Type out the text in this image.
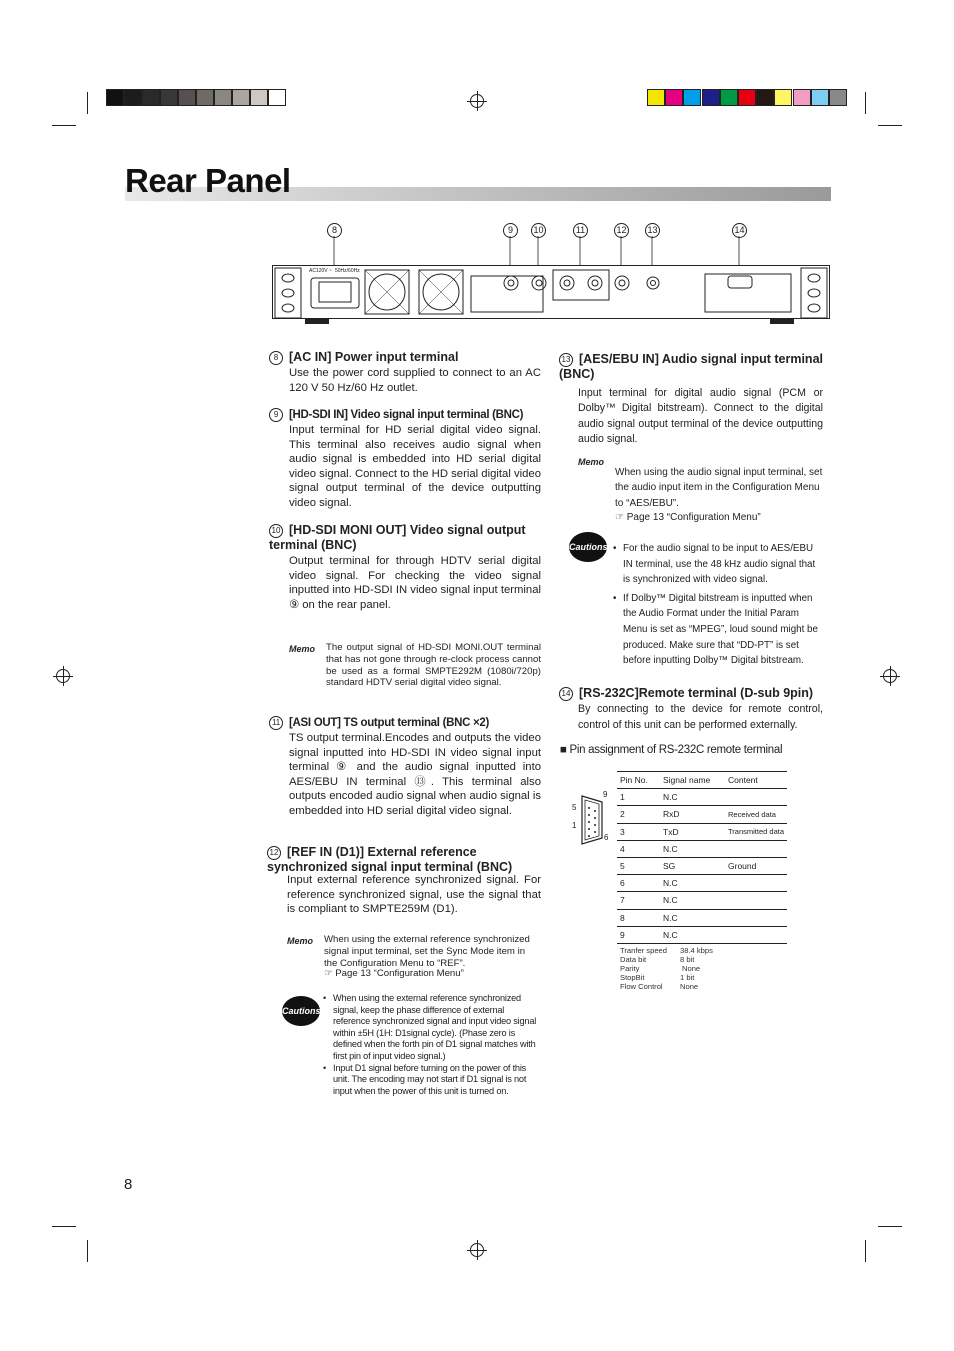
Rear Panel
8	9	10	11	12 13	14
AC120V ~ 50Hz/60Hz
8 [AC IN] Power input terminal
Use the power cord supplied to connect to an AC 120 V 50 Hz/60 Hz outlet.
9 [HD-SDI IN] Video signal input terminal (BNC)
Input terminal for HD serial digital video signal. This terminal also receives audio signal when audio signal is embedded into HD serial digital video signal. Connect to the HD serial digital video signal output terminal of the device outputting video signal.
10 [HD-SDI MONI OUT] Video signal output terminal (BNC)
Output terminal for through HDTV serial digital video signal. For checking the video signal inputted into HD-SDI IN video signal input terminal ⑨ on the rear panel.
Memo	The output signal of HD-SDI MONI.OUT terminal that has not gone through re-clock process cannot be used as a formal SMPTE292M (1080i/720p) standard HDTV serial digital video signal.
11 [ASI OUT] TS output terminal (BNC ×2)
TS output terminal.Encodes and outputs the video signal inputted into HD-SDI IN video signal input terminal ⑨ and the audio signal inputted into AES/EBU IN terminal ⑬. This terminal also outputs encoded audio signal when audio signal is embedded into HD serial digital video signal.
12 [REF IN (D1)] External reference synchronized signal input terminal (BNC)
Input external reference synchronized signal. For reference synchronized signal, use the signal that is compliant to SMPTE259M (D1).
Memo	When using the external reference synchronized signal input terminal, set the Sync Mode item in the Configuration Menu to “REF”.
☞ Page 13 “Configuration Menu”
Cautions
• When using the external reference synchronized signal, keep the phase difference of external reference synchronized signal and input video signal within ±5H (1H: D1signal cycle). (Phase zero is defined when the forth pin of D1 signal matches with first pin of input video signal.)
• Input D1 signal before turning on the power of this unit. The encoding may not start if D1 signal is not input when the power of this unit is turned on.
13 [AES/EBU IN] Audio signal input terminal (BNC)
Input terminal for digital audio signal (PCM or Dolby™ Digital bitstream). Connect to the digital audio signal output terminal of the device outputting audio signal.
Memo
When using the audio signal input terminal, set the audio input item in the Configuration Menu to “AES/EBU”.
☞ Page 13 “Configuration Menu”
Cautions • For the audio signal to be input to AES/EBU IN terminal, use the 48 kHz audio signal that is synchronized with video signal.
• If Dolby™ Digital bitstream is inputted when the Audio Format under the Initial Param Menu is set as “MPEG”, loud sound might be produced. Make sure that “DD-PT” is set before inputting Dolby™ Digital bitstream.
14 [RS-232C]Remote terminal (D-sub 9pin)
By connecting to the device for remote control, control of this unit can be performed externally.
■ Pin assignment of RS-232C remote terminal
5
9
1
6
Pin No.	Signal name	Content
1	N.C	
2	RxD	Received data
3	TxD	Transmitted data
4	N.C	
5	SG	Ground
6	N.C	
7	N.C	
8	N.C	
9	N.C	
Tranfer speed	38.4 kbps
Data bit	8 bit
Parity	None
StopBit	1 bit
Flow Control	None
8
